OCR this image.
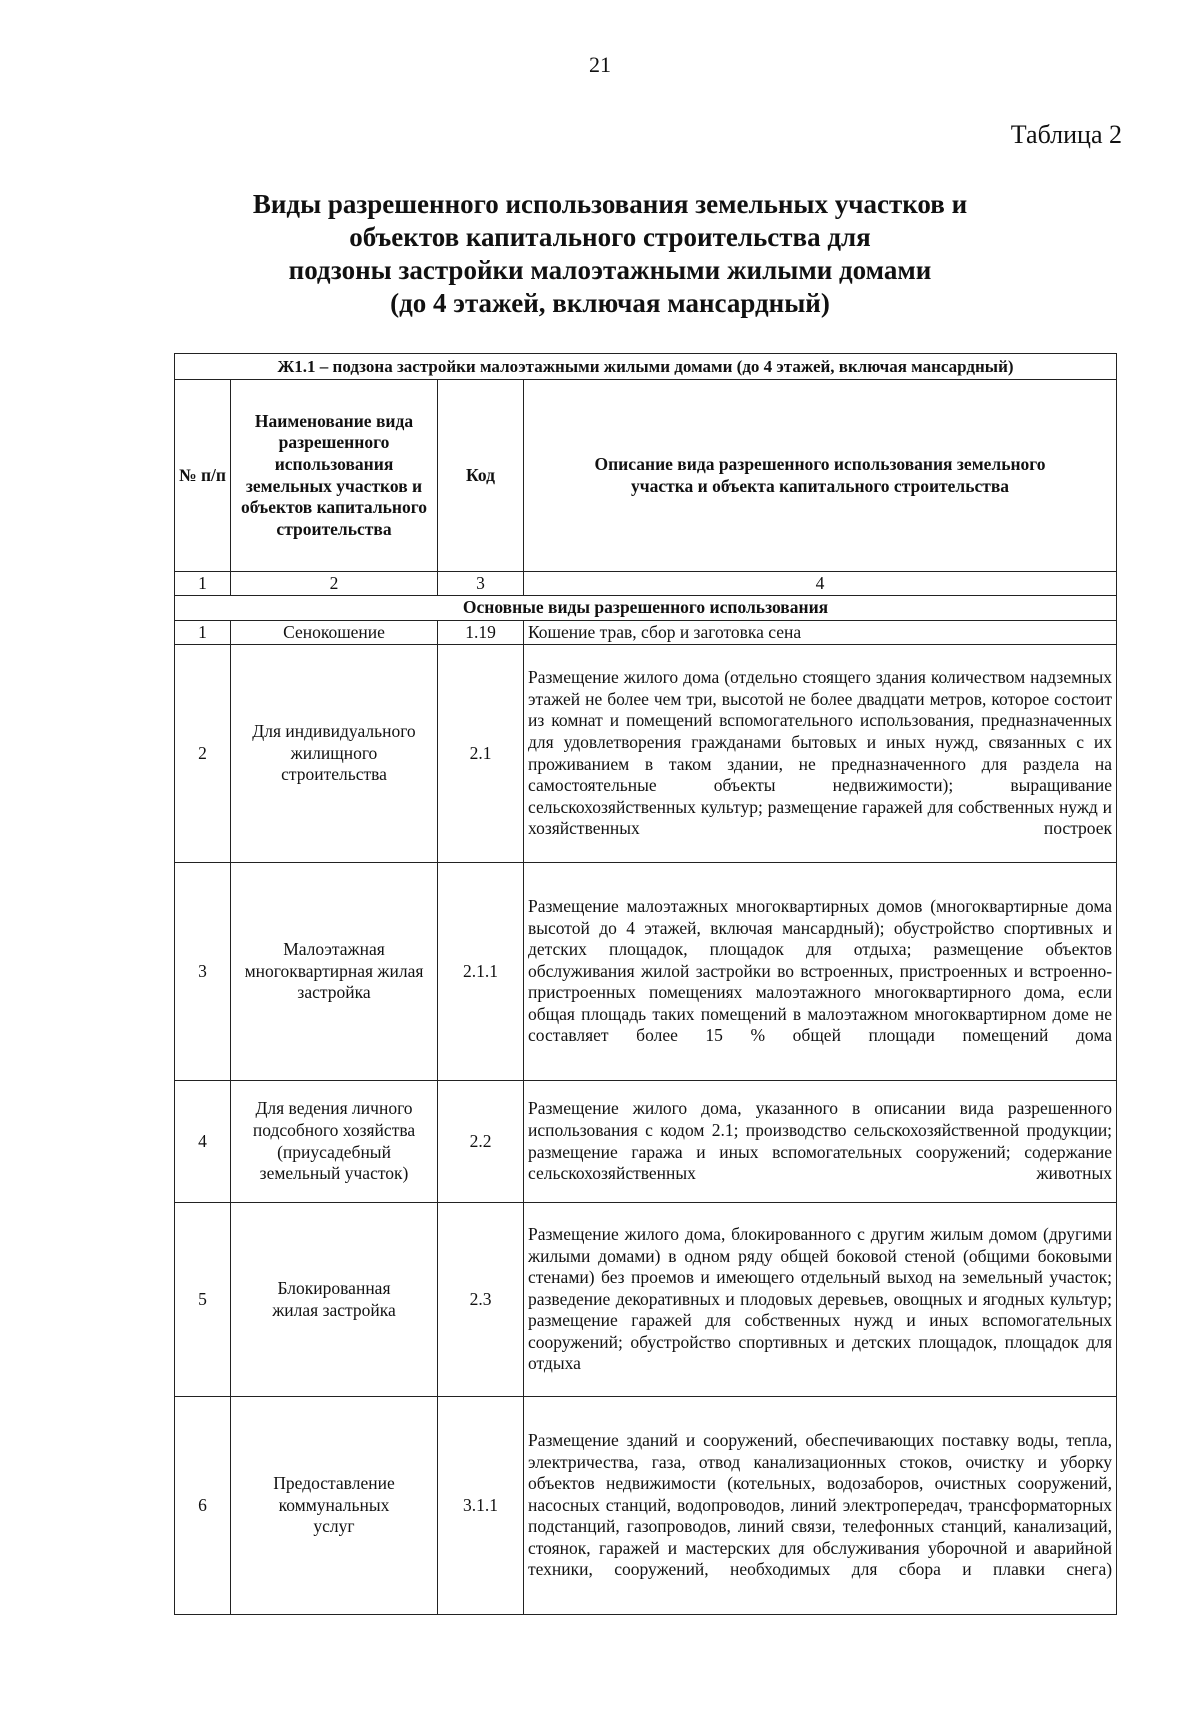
21
Таблица 2
Виды разрешенного использования земельных участков и
объектов капитального строительства для
подзоны застройки малоэтажными жилыми домами
(до 4 этажей, включая мансардный)
Ж1.1 – подзона застройки малоэтажными жилыми домами (до 4 этажей, включая мансардный)			
№ п/п	Наименование вида разрешенного использования земельных участков и объектов капитального строительства	Код	Описание вида разрешенного использования земельного участка и объекта капитального строительства
1	2	3	4
Основные виды разрешенного использования			
1	Сенокошение	1.19	Кошение трав, сбор и заготовка сена
2	Для индивидуального жилищного строительства	2.1	Размещение жилого дома (отдельно стоящего здания количеством надземных этажей не более чем три, высотой не более двадцати метров, которое состоит из комнат и помещений вспомогательного использования, предназначенных для удовлетворения гражданами бытовых и иных нужд, связанных с их проживанием в таком здании, не предназначенного для раздела на самостоятельные объекты недвижимости); выращивание сельскохозяйственных культур; размещение гаражей для собственных нужд и хозяйственных построек
3	Малоэтажная многоквартирная жилая застройка	2.1.1	Размещение малоэтажных многоквартирных домов (многоквартирные дома высотой до 4 этажей, включая мансардный); обустройство спортивных и детских площадок, площадок для отдыха; размещение объектов обслуживания жилой застройки во встроенных, пристроенных и встроенно-пристроенных помещениях малоэтажного многоквартирного дома, если общая площадь таких помещений в малоэтажном многоквартирном доме не составляет более 15 % общей площади помещений дома
4	Для ведения личного подсобного хозяйства (приусадебный земельный участок)	2.2	Размещение жилого дома, указанного в описании вида разрешенного использования с кодом 2.1; производство сельскохозяйственной продукции; размещение гаража и иных вспомогательных сооружений; содержание сельскохозяйственных животных
5	Блокированная жилая застройка	2.3	Размещение жилого дома, блокированного с другим жилым домом (другими жилыми домами) в одном ряду общей боковой стеной (общими боковыми стенами) без проемов и имеющего отдельный выход на земельный участок; разведение декоративных и плодовых деревьев, овощных и ягодных культур; размещение гаражей для собственных нужд и иных вспомогательных сооружений; обустройство спортивных и детских площадок, площадок для отдыха
6	Предоставление коммунальных услуг	3.1.1	Размещение зданий и сооружений, обеспечивающих поставку воды, тепла, электричества, газа, отвод канализационных стоков, очистку и уборку объектов недвижимости (котельных, водозаборов, очистных сооружений, насосных станций, водопроводов, линий электропередач, трансформаторных подстанций, газопроводов, линий связи, телефонных станций, канализаций, стоянок, гаражей и мастерских для обслуживания уборочной и аварийной техники, сооружений, необходимых для сбора и плавки снега)
